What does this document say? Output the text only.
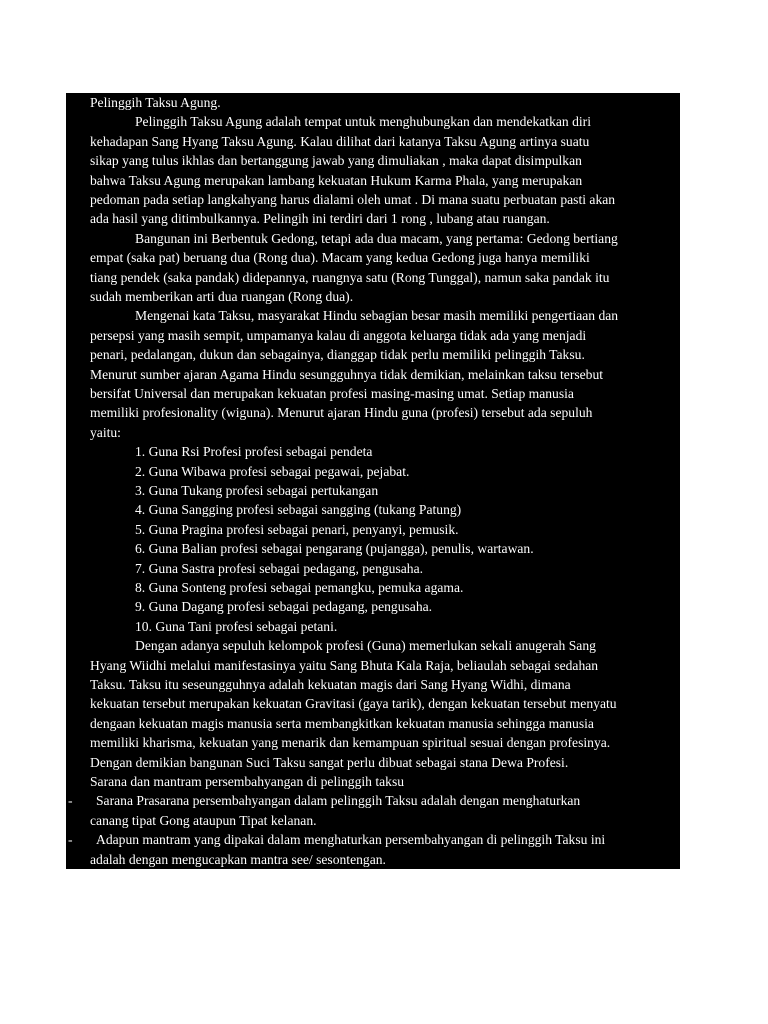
Pelinggih Taksu Agung.
Pelinggih Taksu Agung adalah tempat untuk menghubungkan dan mendekatkan diri
kehadapan Sang Hyang Taksu Agung. Kalau dilihat dari katanya Taksu Agung artinya suatu
sikap yang tulus ikhlas dan bertanggung jawab yang dimuliakan , maka dapat disimpulkan
bahwa Taksu Agung merupakan lambang kekuatan Hukum Karma Phala, yang merupakan
pedoman pada setiap langkahyang harus dialami oleh umat . Di mana suatu perbuatan pasti akan
ada hasil yang ditimbulkannya. Pelingih ini terdiri dari 1 rong , lubang atau ruangan.
Bangunan ini Berbentuk Gedong, tetapi ada dua macam, yang pertama: Gedong bertiang
empat (saka pat) beruang dua (Rong dua). Macam yang kedua Gedong juga hanya memiliki
tiang pendek (saka pandak) didepannya, ruangnya satu (Rong Tunggal), namun saka pandak itu
sudah memberikan arti dua ruangan (Rong dua).
Mengenai kata Taksu, masyarakat Hindu sebagian besar masih memiliki pengertiaan dan
persepsi yang masih sempit, umpamanya kalau di anggota keluarga tidak ada yang menjadi
penari, pedalangan, dukun dan sebagainya, dianggap tidak perlu memiliki pelinggih Taksu.
Menurut sumber ajaran Agama Hindu sesungguhnya tidak demikian, melainkan taksu tersebut
bersifat Universal dan merupakan kekuatan profesi masing-masing umat. Setiap manusia
memiliki profesionality (wiguna). Menurut ajaran Hindu guna (profesi) tersebut ada sepuluh
yaitu:
1. Guna Rsi Profesi profesi sebagai pendeta
2. Guna Wibawa profesi sebagai pegawai, pejabat.
3. Guna Tukang profesi sebagai pertukangan
4. Guna Sangging profesi sebagai sangging (tukang Patung)
5. Guna Pragina profesi sebagai penari, penyanyi, pemusik.
6. Guna Balian profesi sebagai pengarang (pujangga), penulis, wartawan.
7. Guna Sastra profesi sebagai pedagang, pengusaha.
8. Guna Sonteng profesi sebagai pemangku, pemuka agama.
9. Guna Dagang profesi sebagai pedagang, pengusaha.
10. Guna Tani profesi sebagai petani.
Dengan adanya sepuluh kelompok profesi (Guna) memerlukan sekali anugerah Sang
Hyang Wiidhi melalui manifestasinya yaitu Sang Bhuta Kala Raja, beliaulah sebagai sedahan
Taksu. Taksu itu seseungguhnya adalah kekuatan magis dari Sang Hyang Widhi, dimana
kekuatan tersebut merupakan kekuatan Gravitasi (gaya tarik), dengan kekuatan tersebut menyatu
dengaan kekuatan magis manusia serta membangkitkan kekuatan manusia sehingga manusia
memiliki kharisma, kekuatan yang menarik dan kemampuan spiritual sesuai dengan profesinya.
Dengan demikian bangunan Suci Taksu sangat perlu dibuat sebagai stana Dewa Profesi.
Sarana dan mantram persembahyangan di pelinggih taksu
- Sarana Prasarana persembahyangan dalam pelinggih Taksu adalah dengan menghaturkan
canang tipat Gong ataupun Tipat kelanan.
- Adapun mantram yang dipakai dalam menghaturkan persembahyangan di pelinggih Taksu ini
adalah dengan mengucapkan mantra see/ sesontengan.
